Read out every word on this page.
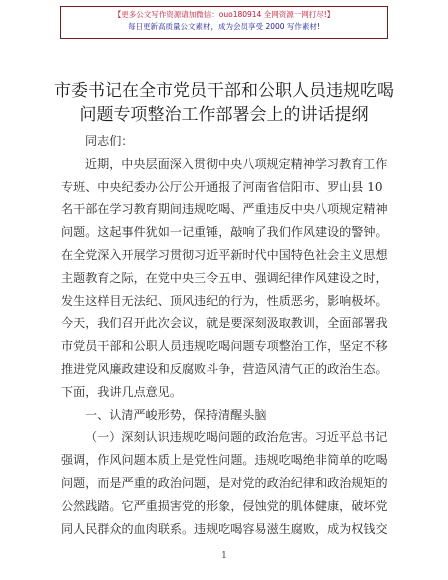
【更多公文写作资源请加微信：ouo180914 全网资源一网打尽!】
每日更新高质量公文素材，成为会员享受 2000 写作素材!
市委书记在全市党员干部和公职人员违规吃喝
问题专项整治工作部署会上的讲话提纲

同志们：

近期，中央层面深入贯彻中央八项规定精神学习教育工作

专班、中央纪委办公厅公开通报了河南省信阳市、罗山县 10

名干部在学习教育期间违规吃喝、严重违反中央八项规定精神

问题。这起事件犹如一记重锤，敲响了我们作风建设的警钟。

在全党深入开展学习贯彻习近平新时代中国特色社会主义思想

主题教育之际，在党中央三令五申、强调纪律作风建设之时，

发生这样目无法纪、顶风违纪的行为，性质恶劣，影响极坏。

今天，我们召开此次会议，就是要深刻汲取教训，全面部署我

市党员干部和公职人员违规吃喝问题专项整治工作，坚定不移

推进党风廉政建设和反腐败斗争，营造风清气正的政治生态。

下面，我讲几点意见。

一、认清严峻形势，保持清醒头脑

（一）深刻认识违规吃喝问题的政治危害。习近平总书记

强调，作风问题本质上是党性问题。违规吃喝绝非简单的吃喝

问题，而是严重的政治问题，是对党的政治纪律和政治规矩的

公然践踏。它严重损害党的形象，侵蚀党的肌体健康，破坏党

同人民群众的血肉联系。违规吃喝容易滋生腐败，成为权钱交

1
